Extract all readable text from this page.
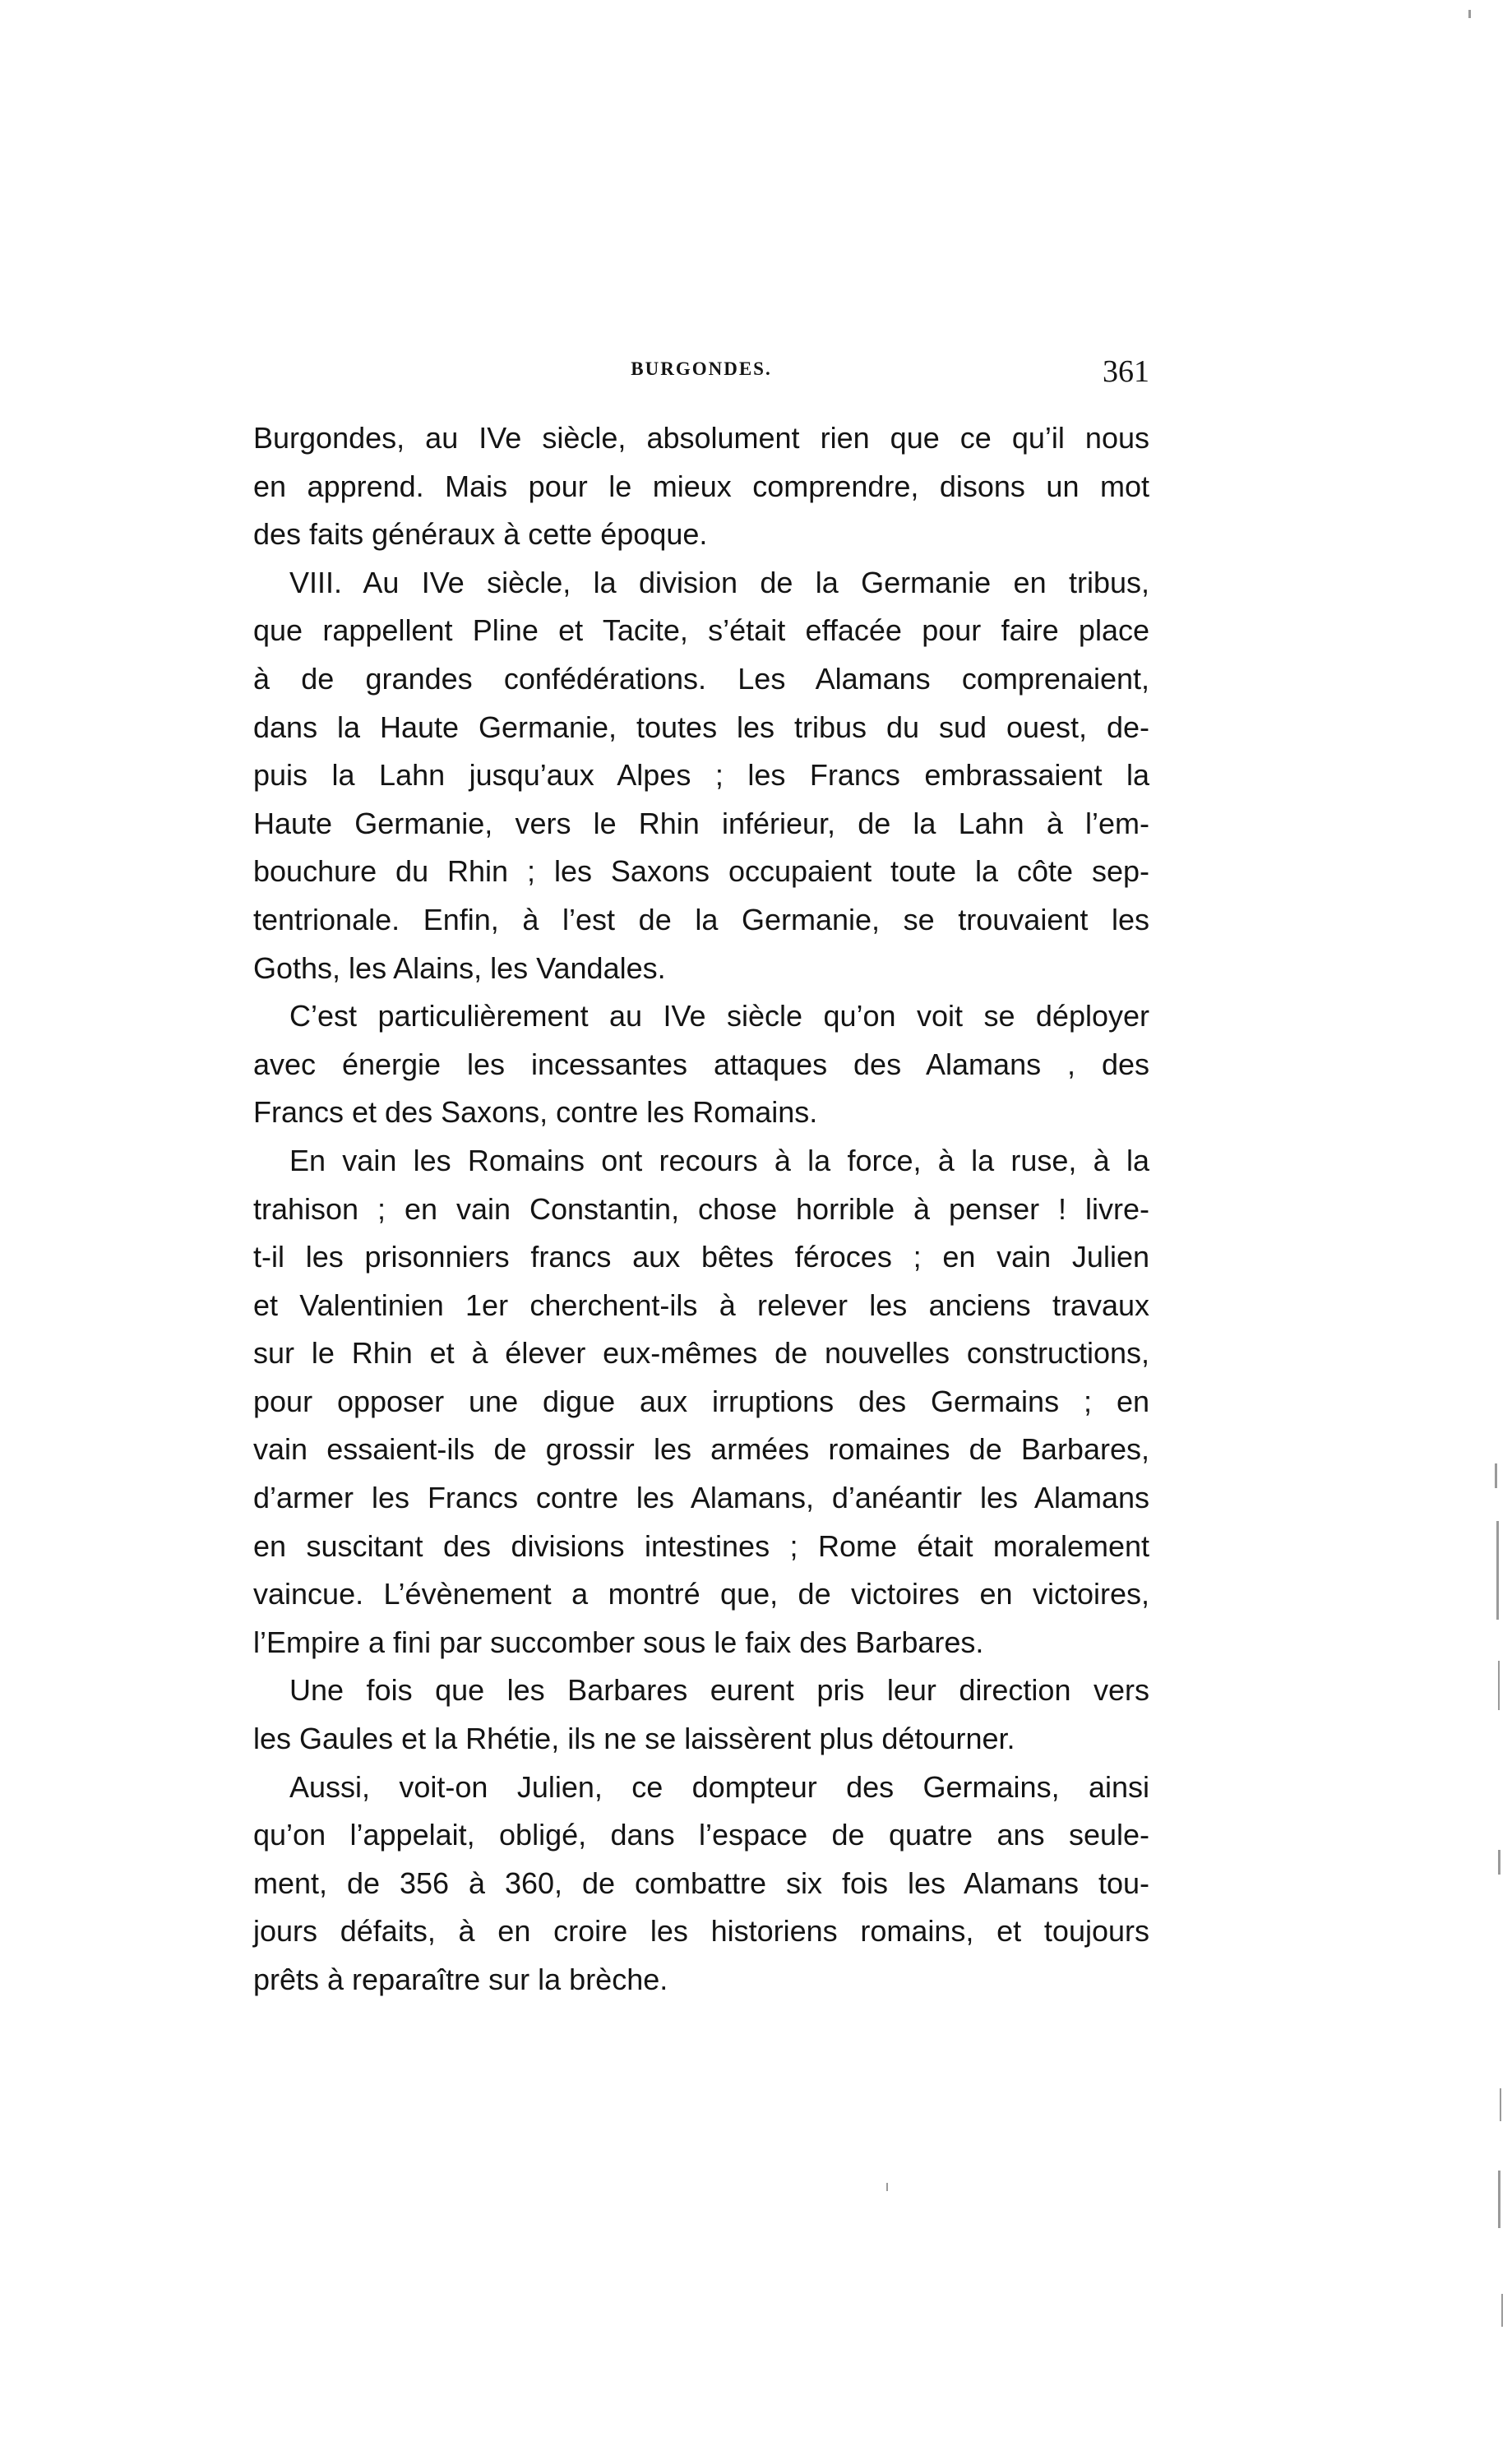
BURGONDES.	361
Burgondes, au IVe siècle, absolument rien que ce qu’il nous
en apprend. Mais pour le mieux comprendre, disons un mot
des faits généraux à cette époque.
VIII. Au IVe siècle, la division de la Germanie en tribus,
que rappellent Pline et Tacite, s’était effacée pour faire place
à de grandes confédérations. Les Alamans comprenaient,
dans la Haute Germanie, toutes les tribus du sud ouest, de-
puis la Lahn jusqu’aux Alpes ; les Francs embrassaient la
Haute Germanie, vers le Rhin inférieur, de la Lahn à l’em-
bouchure du Rhin ; les Saxons occupaient toute la côte sep-
tentrionale. Enfin, à l’est de la Germanie, se trouvaient les
Goths, les Alains, les Vandales.
C’est particulièrement au IVe siècle qu’on voit se déployer
avec énergie les incessantes attaques des Alamans , des
Francs et des Saxons, contre les Romains.
En vain les Romains ont recours à la force, à la ruse, à la
trahison ; en vain Constantin, chose horrible à penser ! livre-
t-il les prisonniers francs aux bêtes féroces ; en vain Julien
et Valentinien 1er cherchent-ils à relever les anciens travaux
sur le Rhin et à élever eux-mêmes de nouvelles constructions,
pour opposer une digue aux irruptions des Germains ; en
vain essaient-ils de grossir les armées romaines de Barbares,
d’armer les Francs contre les Alamans, d’anéantir les Alamans
en suscitant des divisions intestines ; Rome était moralement
vaincue. L’évènement a montré que, de victoires en victoires,
l’Empire a fini par succomber sous le faix des Barbares.
Une fois que les Barbares eurent pris leur direction vers
les Gaules et la Rhétie, ils ne se laissèrent plus détourner.
Aussi, voit-on Julien, ce dompteur des Germains, ainsi
qu’on l’appelait, obligé, dans l’espace de quatre ans seule-
ment, de 356 à 360, de combattre six fois les Alamans tou-
jours défaits, à en croire les historiens romains, et toujours
prêts à reparaître sur la brèche.
